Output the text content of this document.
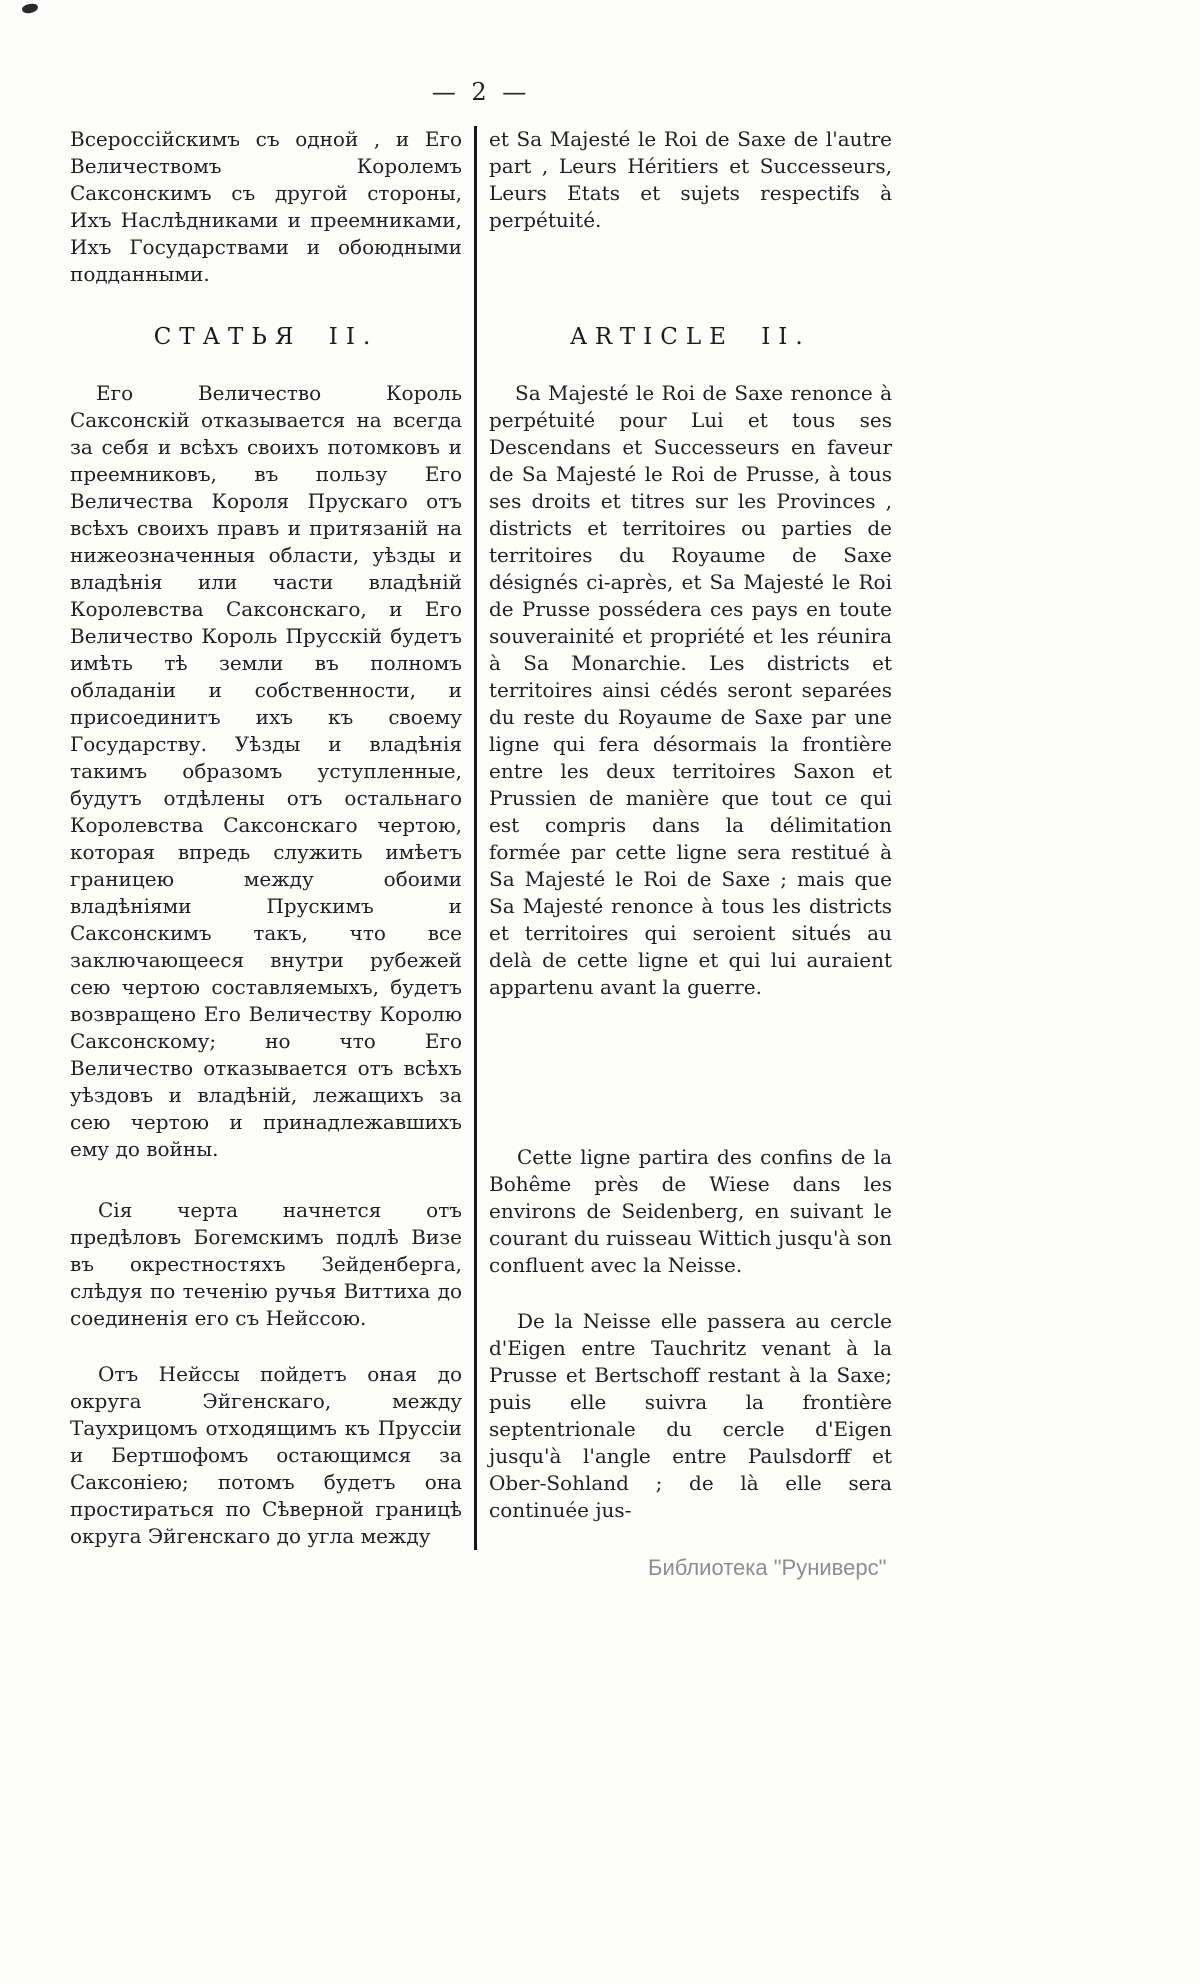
— 2 —

Всероссійскимъ съ одной , и Его Величествомъ Королемъ Саксонскимъ съ другой стороны, Ихъ Наслѣдниками и преемниками, Ихъ Государствами и обоюдными подданными.

СТАТЬЯ II.

Его Величество Король Саксонскій отказывается на всегда за себя и всѣхъ своихъ потомковъ и преемниковъ, въ пользу Его Величества Короля Прускаго отъ всѣхъ своихъ правъ и притязаній на нижеозначенныя области, уѣзды и владѣнія или части владѣній Королевства Саксонскаго, и Его Величество Король Прусскій будетъ имѣть тѣ земли въ полномъ обладаніи и собственности, и присоединитъ ихъ къ своему Государству. Уѣзды и владѣнія такимъ образомъ уступленные, будутъ отдѣлены отъ остальнаго Королевства Саксонскаго чертою, которая впредь служить имѣетъ границею между обоими владѣніями Прускимъ и Саксонскимъ такъ, что все заключающееся внутри рубежей сею чертою составляемыхъ, будетъ возвращено Его Величеству Королю Саксонскому; но что Его Величество отказывается отъ всѣхъ уѣздовъ и владѣній, лежащихъ за сею чертою и принадлежавшихъ ему до войны.

Сія черта начнется отъ предѣловъ Богемскимъ подлѣ Визе въ окрестностяхъ Зейденберга, слѣдуя по теченію ручья Виттиха до соединенія его съ Нейссою.

Отъ Нейссы пойдетъ оная до округа Эйгенскаго, между Таухрицомъ отходящимъ къ Пруссіи и Бертшофомъ остающимся за Саксоніею; потомъ будетъ она простираться по Сѣверной границѣ округа Эйгенскаго до угла между

et Sa Majesté le Roi de Saxe de l'autre part , Leurs Héritiers et Successeurs, Leurs Etats et sujets respectifs à perpétuité.

ARTICLE II.

Sa Majesté le Roi de Saxe renonce à perpétuité pour Lui et tous ses Descendans et Successeurs en faveur de Sa Majesté le Roi de Prusse, à tous ses droits et titres sur les Provinces , districts et territoires ou parties de territoires du Royaume de Saxe désignés ci-après, et Sa Majesté le Roi de Prusse possédera ces pays en toute souverainité et propriété et les réunira à Sa Monarchie. Les districts et territoires ainsi cédés seront separées du reste du Royaume de Saxe par une ligne qui fera désormais la frontière entre les deux territoires Saxon et Prussien de manière que tout ce qui est compris dans la délimitation formée par cette ligne sera restitué à Sa Majesté le Roi de Saxe ; mais que Sa Majesté renonce à tous les districts et territoires qui seroient situés au delà de cette ligne et qui lui auraient appartenu avant la guerre.

Cette ligne partira des confins de la Bohême près de Wiese dans les environs de Seidenberg, en suivant le courant du ruisseau Wittich jusqu'à son confluent avec la Neisse.

De la Neisse elle passera au cercle d'Eigen entre Tauchritz venant à la Prusse et Bertschoff restant à la Saxe; puis elle suivra la frontière septentrionale du cercle d'Eigen jusqu'à l'angle entre Paulsdorff et Ober-Sohland ; de là elle sera continuée jus-

Библиотека "Руниверс"
